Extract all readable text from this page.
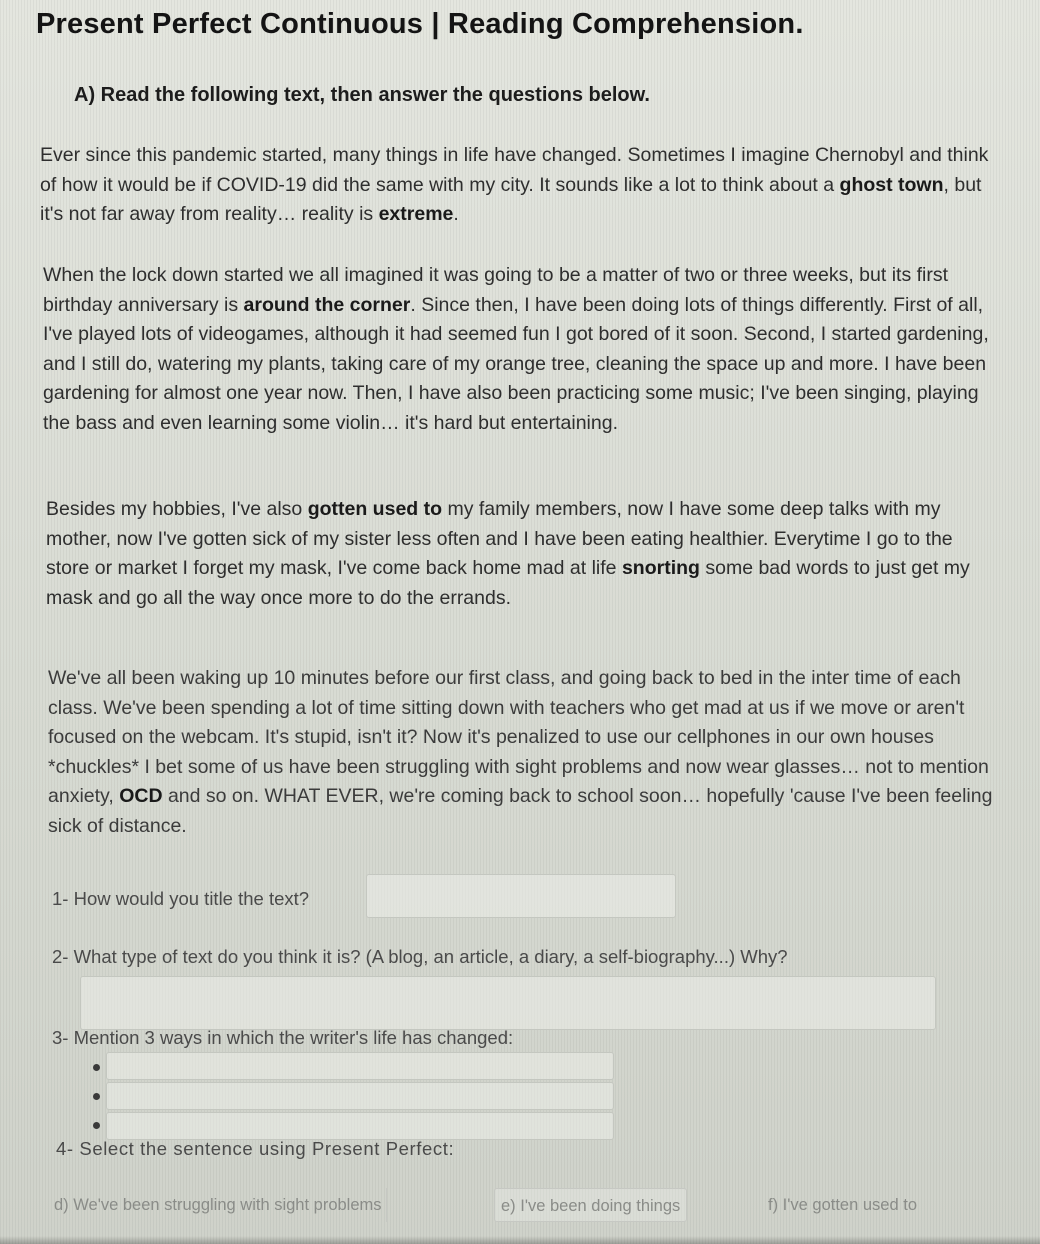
Present Perfect Continuous | Reading Comprehension.
A) Read the following text, then answer the questions below.

Ever since this pandemic started, many things in life have changed. Sometimes I imagine Chernobyl and think of how it would be if COVID-19 did the same with my city. It sounds like a lot to think about a ghost town, but it's not far away from reality… reality is extreme.

When the lock down started we all imagined it was going to be a matter of two or three weeks, but its first birthday anniversary is around the corner. Since then, I have been doing lots of things differently. First of all, I've played lots of videogames, although it had seemed fun I got bored of it soon. Second, I started gardening, and I still do, watering my plants, taking care of my orange tree, cleaning the space up and more. I have been gardening for almost one year now. Then, I have also been practicing some music; I've been singing, playing the bass and even learning some violin… it's hard but entertaining.

Besides my hobbies, I've also gotten used to my family members, now I have some deep talks with my mother, now I've gotten sick of my sister less often and I have been eating healthier. Everytime I go to the store or market I forget my mask, I've come back home mad at life snorting some bad words to just get my mask and go all the way once more to do the errands.

We've all been waking up 10 minutes before our first class, and going back to bed in the inter time of each class. We've been spending a lot of time sitting down with teachers who get mad at us if we move or aren't focused on the webcam. It's stupid, isn't it? Now it's penalized to use our cellphones in our own houses *chuckles* I bet some of us have been struggling with sight problems and now wear glasses… not to mention anxiety, OCD and so on. WHAT EVER, we're coming back to school soon… hopefully 'cause I've been feeling sick of distance.

1- How would you title the text?
2- What type of text do you think it is? (A blog, an article, a diary, a self-biography...) Why?
3- Mention 3 ways in which the writer's life has changed:
4- Select the sentence using Present Perfect:
d) We've been struggling with sight problems	e) I've been doing things	f) I've gotten used to
